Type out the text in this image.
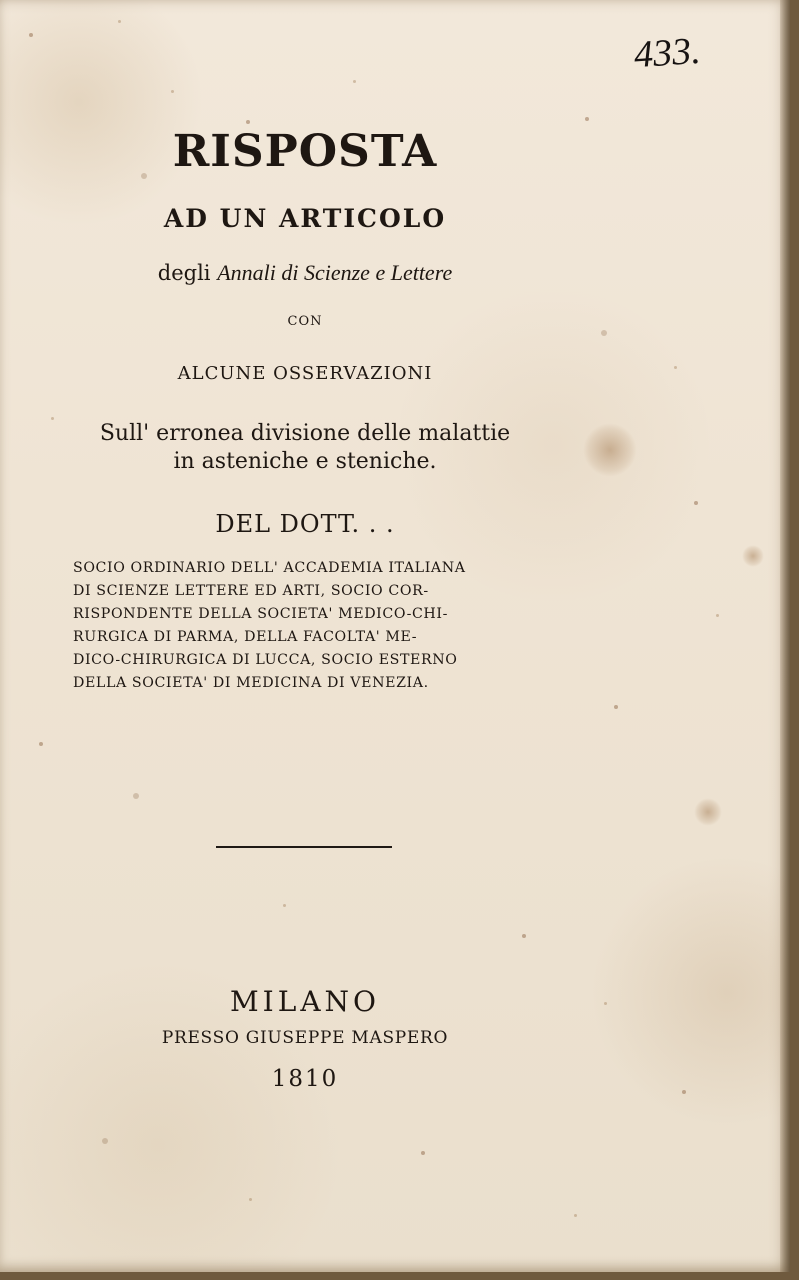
433.
RISPOSTA
AD UN ARTICOLO
degli Annali di Scienze e Lettere
CON
ALCUNE OSSERVAZIONI
Sull' erronea divisione delle malattie
in asteniche e steniche.
DEL DOTT. . .
SOCIO ORDINARIO DELL' ACCADEMIA ITALIANA
DI SCIENZE LETTERE ED ARTI, SOCIO COR-
RISPONDENTE DELLA SOCIETA' MEDICO-CHI-
RURGICA DI PARMA, DELLA FACOLTA' ME-
DICO-CHIRURGICA DI LUCCA, SOCIO ESTERNO
DELLA SOCIETA' DI MEDICINA DI VENEZIA.
MILANO
PRESSO GIUSEPPE MASPERO
1810
